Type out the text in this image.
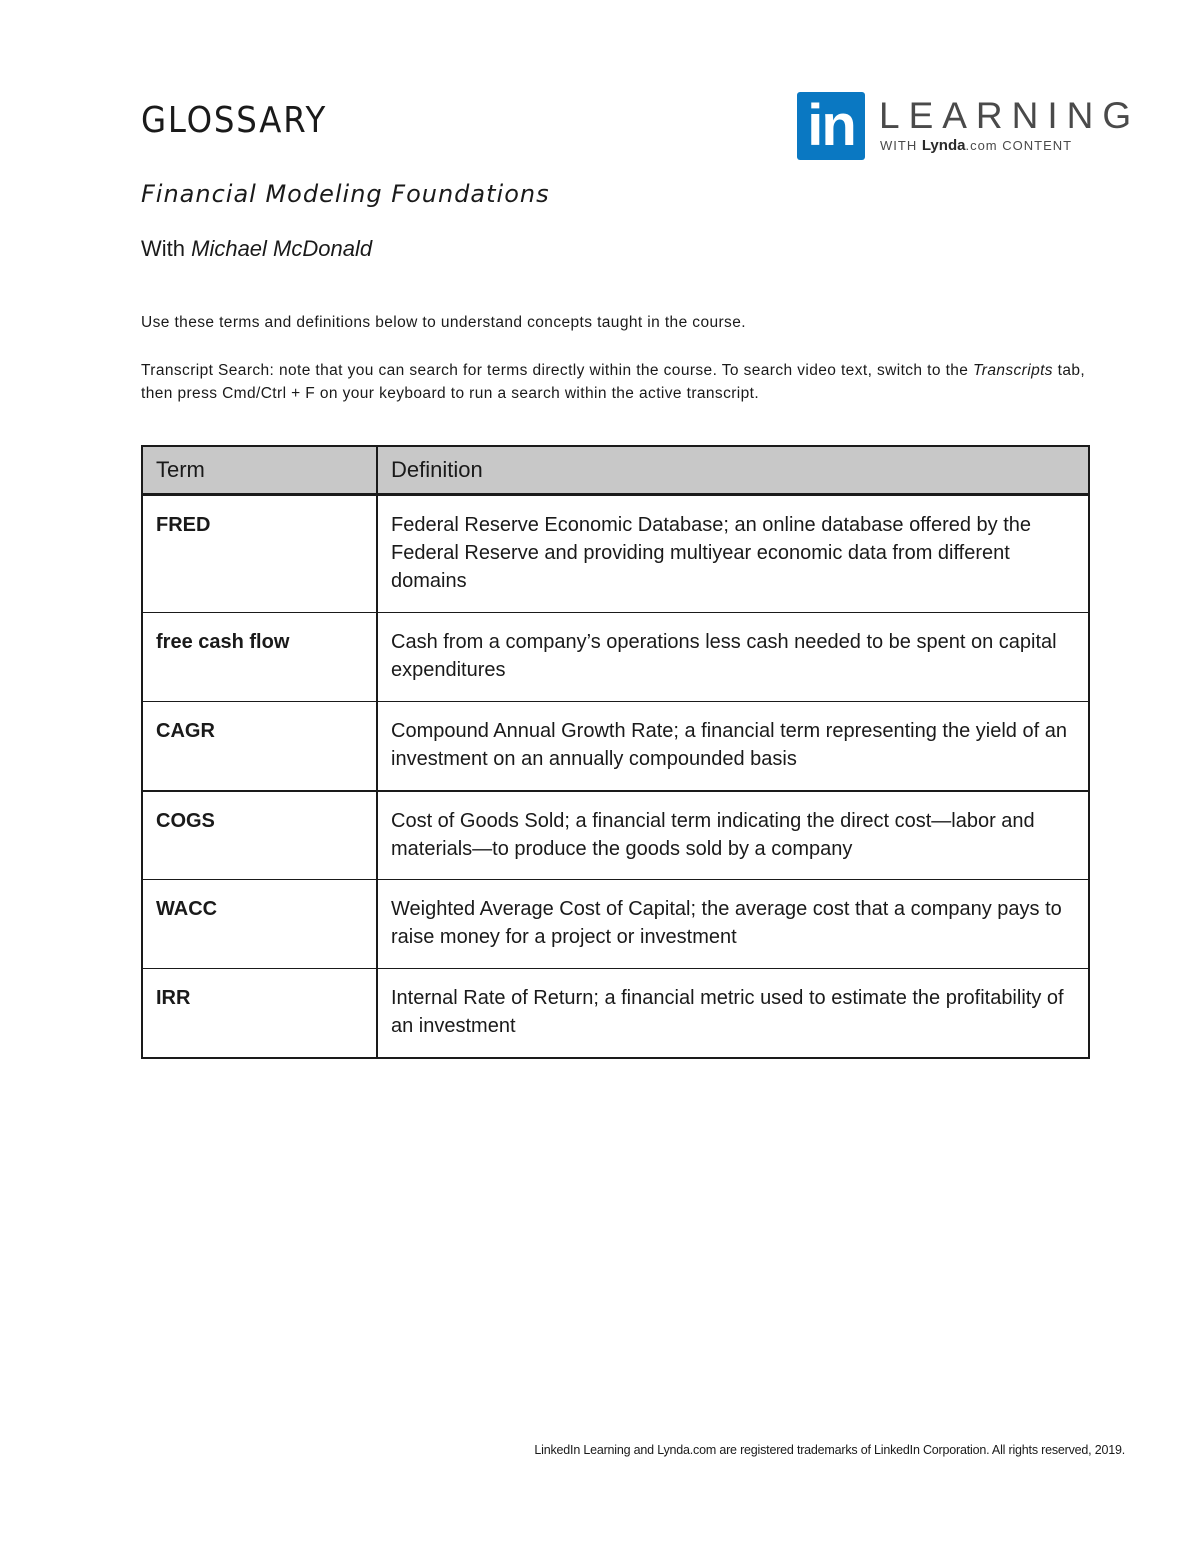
GLOSSARY	in LEARNING
WITH Lynda.com CONTENT
Financial Modeling Foundations
With Michael McDonald

Use these terms and definitions below to understand concepts taught in the course.

Transcript Search: note that you can search for terms directly within the course. To search video text, switch to the Transcripts tab, then press Cmd/Ctrl + F on your keyboard to run a search within the active transcript.

Term	Definition
FRED	Federal Reserve Economic Database; an online database offered by the Federal Reserve and providing multiyear economic data from different domains
free cash flow	Cash from a company’s operations less cash needed to be spent on capital expenditures
CAGR	Compound Annual Growth Rate; a financial term representing the yield of an investment on an annually compounded basis
COGS	Cost of Goods Sold; a financial term indicating the direct cost—labor and materials—to produce the goods sold by a company
WACC	Weighted Average Cost of Capital; the average cost that a company pays to raise money for a project or investment
IRR	Internal Rate of Return; a financial metric used to estimate the profitability of an investment
LinkedIn Learning and Lynda.com are registered trademarks of LinkedIn Corporation. All rights reserved, 2019.
